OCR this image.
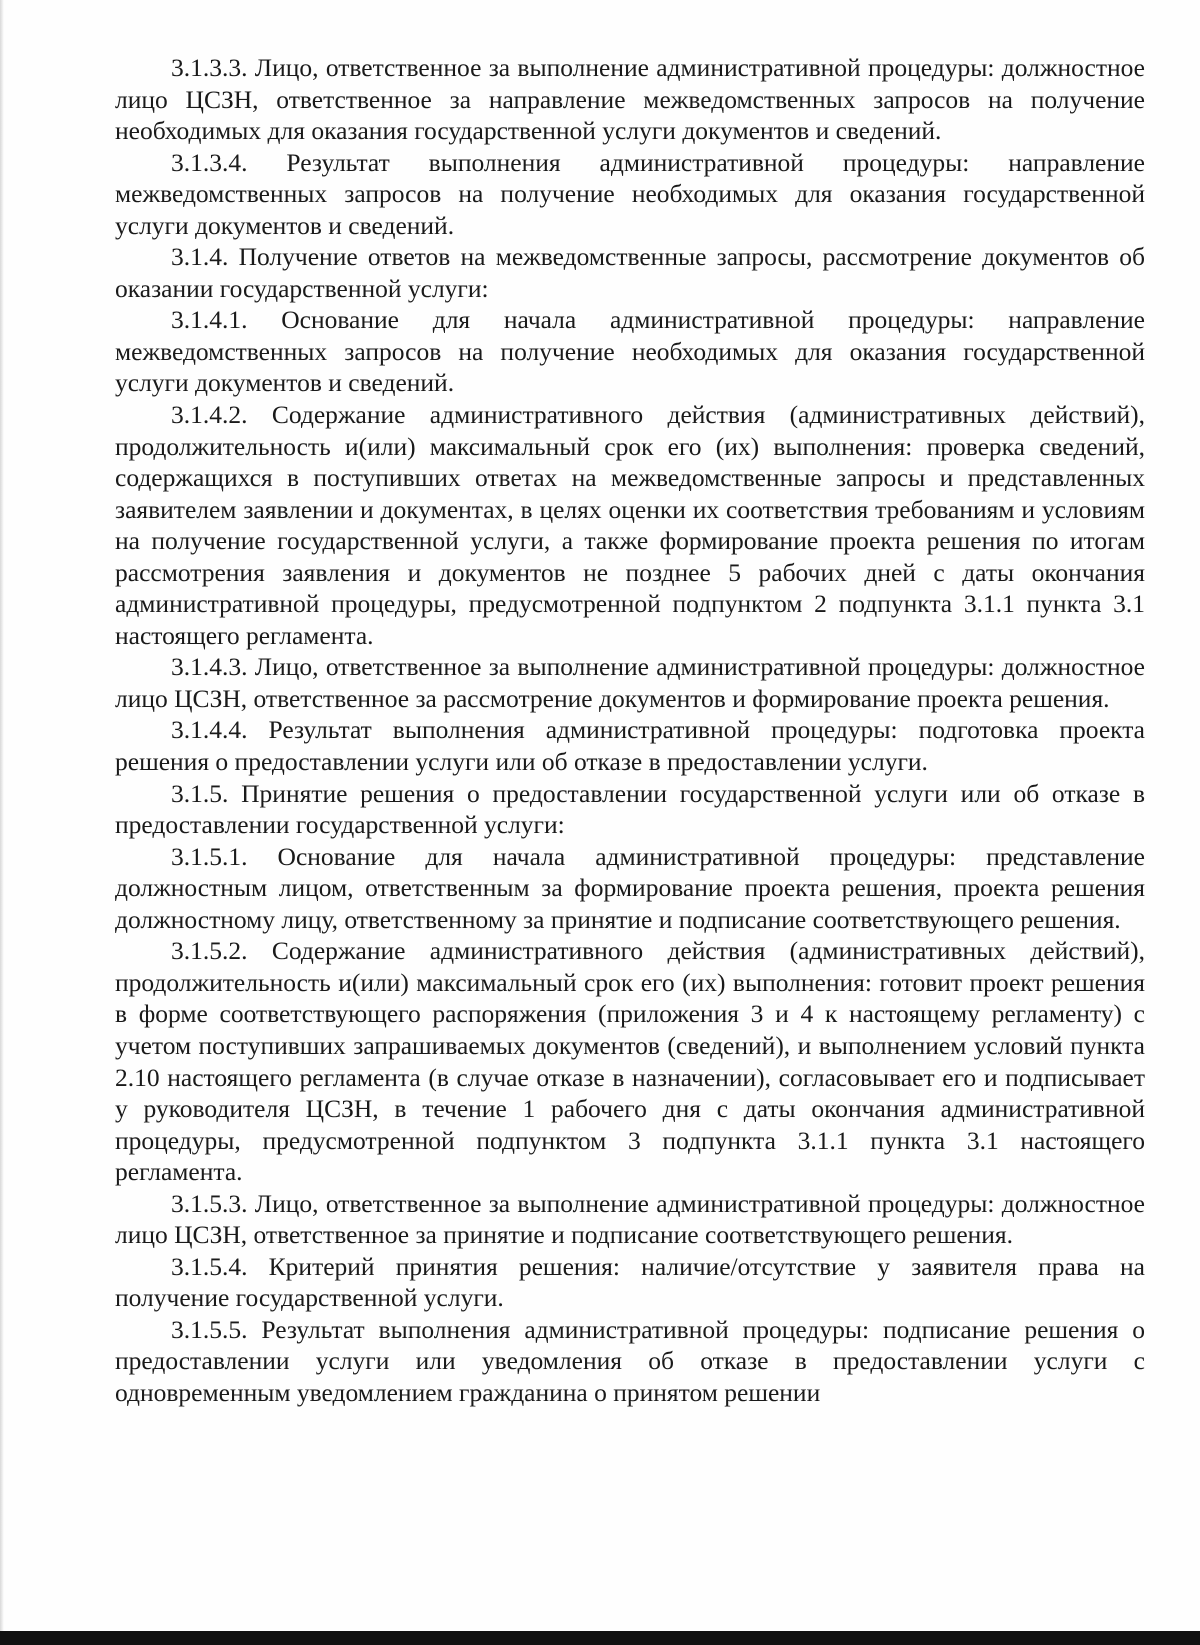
3.1.3.3. Лицо, ответственное за выполнение административной процедуры: должностное лицо ЦСЗН, ответственное за направление межведомственных запросов на получение необходимых для оказания государственной услуги документов и сведений.

3.1.3.4. Результат выполнения административной процедуры: направление межведомственных запросов на получение необходимых для оказания государственной услуги документов и сведений.

3.1.4. Получение ответов на межведомственные запросы, рассмотрение документов об оказании государственной услуги:

3.1.4.1. Основание для начала административной процедуры: направление межведомственных запросов на получение необходимых для оказания государственной услуги документов и сведений.

3.1.4.2. Содержание административного действия (административных действий), продолжительность и(или) максимальный срок его (их) выполнения: проверка сведений, содержащихся в поступивших ответах на межведомственные запросы и представленных заявителем заявлении и документах, в целях оценки их соответствия требованиям и условиям на получение государственной услуги, а также формирование проекта решения по итогам рассмотрения заявления и документов не позднее 5 рабочих дней с даты окончания административной процедуры, предусмотренной подпунктом 2 подпункта 3.1.1 пункта 3.1 настоящего регламента.

3.1.4.3. Лицо, ответственное за выполнение административной процедуры: должностное лицо ЦСЗН, ответственное за рассмотрение документов и формирование проекта решения.

3.1.4.4. Результат выполнения административной процедуры: подготовка проекта решения о предоставлении услуги или об отказе в предоставлении услуги.

3.1.5. Принятие решения о предоставлении государственной услуги или об отказе в предоставлении государственной услуги:

3.1.5.1. Основание для начала административной процедуры: представление должностным лицом, ответственным за формирование проекта решения, проекта решения должностному лицу, ответственному за принятие и подписание соответствующего решения.

3.1.5.2. Содержание административного действия (административных действий), продолжительность и(или) максимальный срок его (их) выполнения: готовит проект решения в форме соответствующего распоряжения (приложения 3 и 4 к настоящему регламенту) с учетом поступивших запрашиваемых документов (сведений), и выполнением условий пункта 2.10 настоящего регламента (в случае отказе в назначении), согласовывает его и подписывает у руководителя ЦСЗН, в течение 1 рабочего дня с даты окончания административной процедуры, предусмотренной подпунктом 3 подпункта 3.1.1 пункта 3.1 настоящего регламента.

3.1.5.3. Лицо, ответственное за выполнение административной процедуры: должностное лицо ЦСЗН, ответственное за принятие и подписание соответствующего решения.

3.1.5.4. Критерий принятия решения: наличие/отсутствие у заявителя права на получение государственной услуги.

3.1.5.5. Результат выполнения административной процедуры: подписание решения о предоставлении услуги или уведомления об отказе в предоставлении услуги с одновременным уведомлением гражданина о принятом решении
